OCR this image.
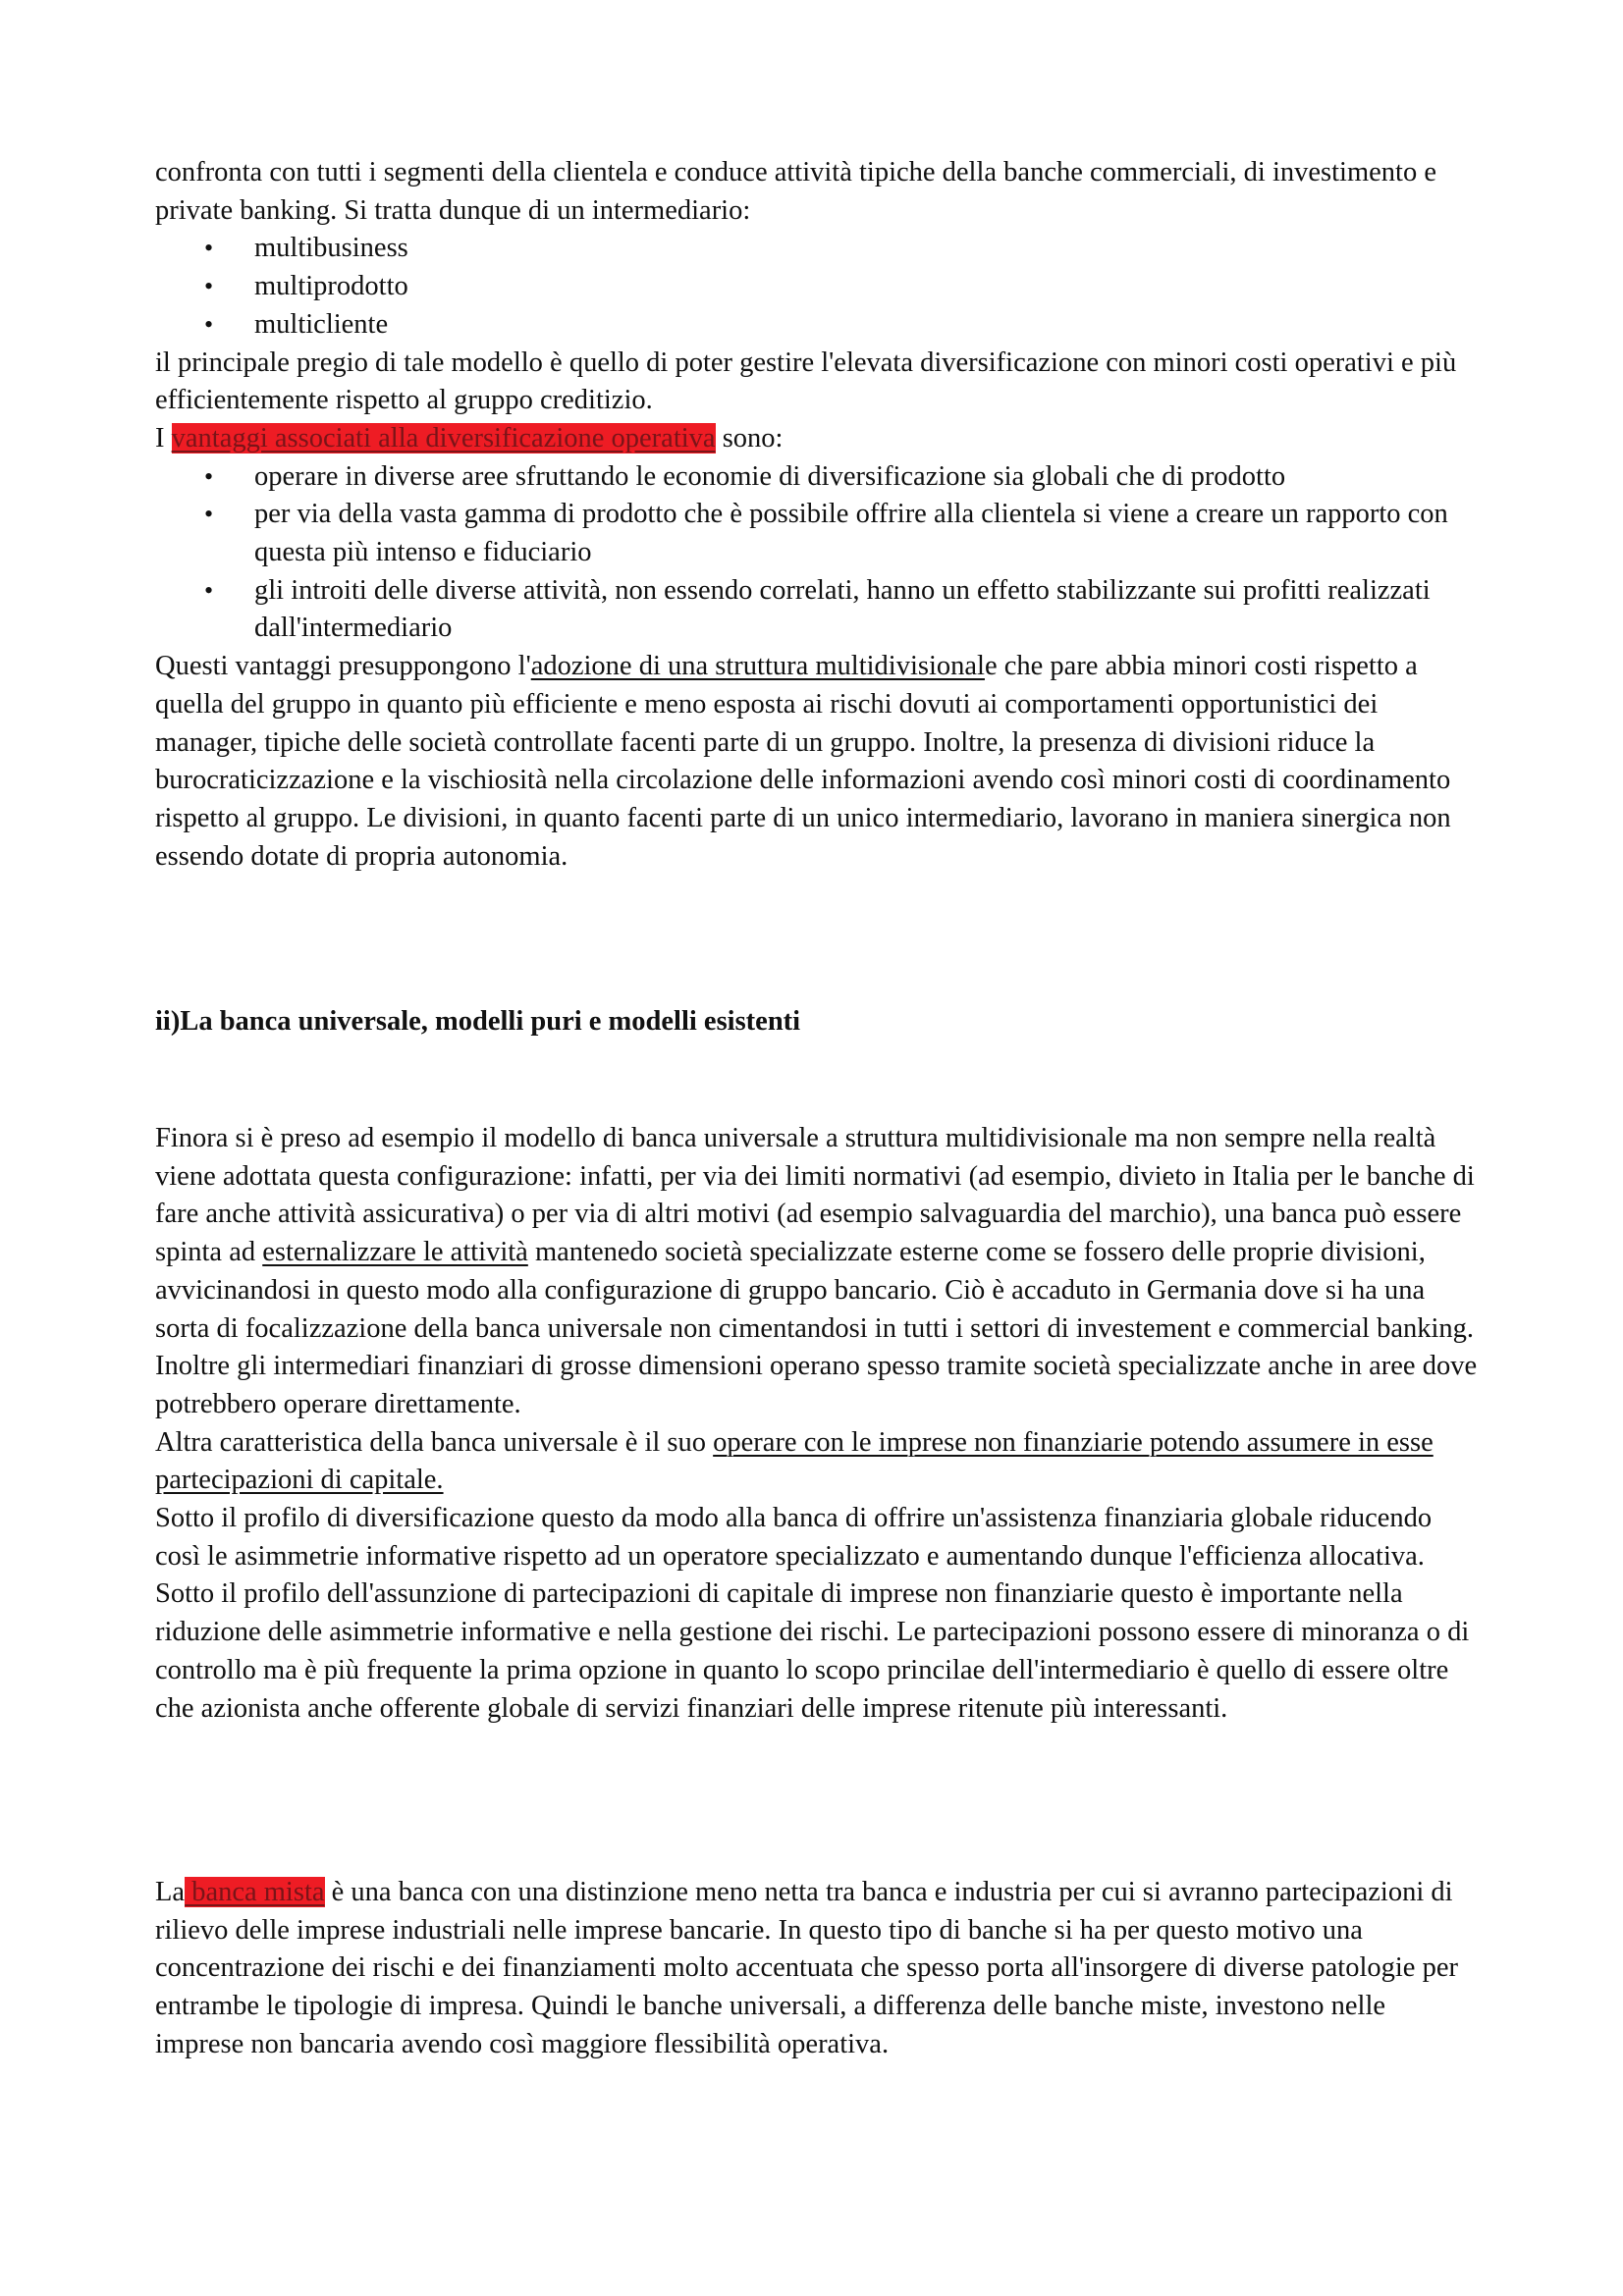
confronta con tutti i segmenti della clientela e conduce attività tipiche della banche commerciali, di investimento e private banking. Si tratta dunque di un intermediario:

• multibusiness
• multiprodotto
• multicliente

il principale pregio di tale modello è quello di poter gestire l'elevata diversificazione con minori costi operativi e più efficientemente rispetto al gruppo creditizio.

I vantaggi associati alla diversificazione operativa sono:

• operare in diverse aree sfruttando le economie di diversificazione sia globali che di prodotto
• per via della vasta gamma di prodotto che è possibile offrire alla clientela si viene a creare un rapporto con questa più intenso e fiduciario
• gli introiti delle diverse attività, non essendo correlati, hanno un effetto stabilizzante sui profitti realizzati dall'intermediario

Questi vantaggi presuppongono l'adozione di una struttura multidivisionale che pare abbia minori costi rispetto a quella del gruppo in quanto più efficiente e meno esposta ai rischi dovuti ai comportamenti opportunistici dei manager, tipiche delle società controllate facenti parte di un gruppo. Inoltre, la presenza di divisioni riduce la burocraticizzazione e la vischiosità nella circolazione delle informazioni avendo così minori costi di coordinamento rispetto al gruppo. Le divisioni, in quanto facenti parte di un unico intermediario, lavorano in maniera sinergica non essendo dotate di propria autonomia.

ii)La banca universale, modelli puri e modelli esistenti

Finora si è preso ad esempio il modello di banca universale a struttura multidivisionale ma non sempre nella realtà viene adottata questa configurazione: infatti, per via dei limiti normativi (ad esempio, divieto in Italia per le banche di fare anche attività assicurativa) o per via di altri motivi (ad esempio salvaguardia del marchio), una banca può essere spinta ad esternalizzare le attività mantenedo società specializzate esterne come se fossero delle proprie divisioni, avvicinandosi in questo modo alla configurazione di gruppo bancario. Ciò è accaduto in Germania dove si ha una sorta di focalizzazione della banca universale non cimentandosi in tutti i settori di investement e commercial banking. Inoltre gli intermediari finanziari di grosse dimensioni operano spesso tramite società specializzate anche in aree dove potrebbero operare direttamente.

Altra caratteristica della banca universale è il suo operare con le imprese non finanziarie potendo assumere in esse partecipazioni di capitale.

Sotto il profilo di diversificazione questo da modo alla banca di offrire un'assistenza finanziaria globale riducendo così le asimmetrie informative rispetto ad un operatore specializzato e aumentando dunque l'efficienza allocativa.

Sotto il profilo dell'assunzione di partecipazioni di capitale di imprese non finanziarie questo è importante nella riduzione delle asimmetrie informative e nella gestione dei rischi. Le partecipazioni possono essere di minoranza o di controllo ma è più frequente la prima opzione in quanto lo scopo princilae dell'intermediario è quello di essere oltre che azionista anche offerente globale di servizi finanziari delle imprese ritenute più interessanti.

La banca mista è una banca con una distinzione meno netta tra banca e industria per cui si avranno partecipazioni di rilievo delle imprese industriali nelle imprese bancarie. In questo tipo di banche si ha per questo motivo una concentrazione dei rischi e dei finanziamenti molto accentuata che spesso porta all'insorgere di diverse patologie per entrambe le tipologie di impresa. Quindi le banche universali, a differenza delle banche miste, investono nelle imprese non bancaria avendo così maggiore flessibilità operativa.
